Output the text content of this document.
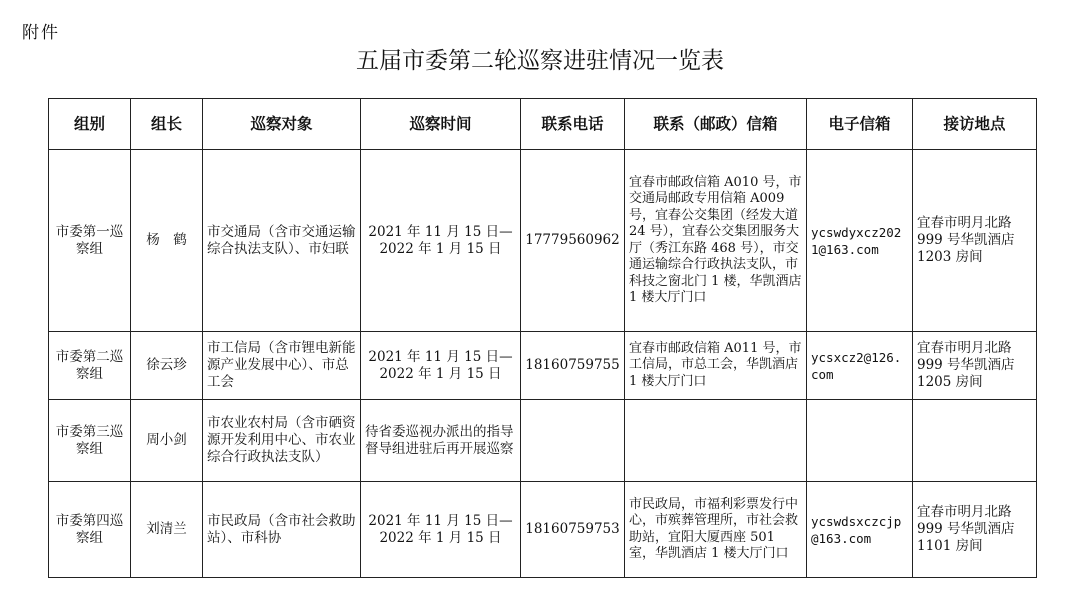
附件
五届市委第二轮巡察进驻情况一览表
组别	组长	巡察对象	巡察时间	联系电话	联系（邮政）信箱	电子信箱	接访地点
市委第一巡察组	杨　鹤	市交通局（含市交通运输综合执法支队）、市妇联	2021 年 11 月 15 日—2022 年 1 月 15 日	17779560962	宜春市邮政信箱 A010 号，市交通局邮政专用信箱 A009 号，宜春公交集团（经发大道 24 号），宜春公交集团服务大厅（秀江东路 468 号），市交通运输综合行政执法支队，市科技之窗北门 1 楼，华凯酒店 1 楼大厅门口	ycswdyxcz2021@163.com	宜春市明月北路 999 号华凯酒店 1203 房间
市委第二巡察组	徐云珍	市工信局（含市锂电新能源产业发展中心）、市总工会	2021 年 11 月 15 日—2022 年 1 月 15 日	18160759755	宜春市邮政信箱 A011 号，市工信局，市总工会，华凯酒店 1 楼大厅门口	ycsxcz2@126.com	宜春市明月北路 999 号华凯酒店 1205 房间
市委第三巡察组	周小剑	市农业农村局（含市硒资源开发利用中心、市农业综合行政执法支队）	待省委巡视办派出的指导督导组进驻后再开展巡察				
市委第四巡察组	刘清兰	市民政局（含市社会救助站）、市科协	2021 年 11 月 15 日—2022 年 1 月 15 日	18160759753	市民政局，市福利彩票发行中心，市殡葬管理所，市社会救助站，宜阳大厦西座 501 室，华凯酒店 1 楼大厅门口	ycswdsxczcjp@163.com	宜春市明月北路 999 号华凯酒店 1101 房间
